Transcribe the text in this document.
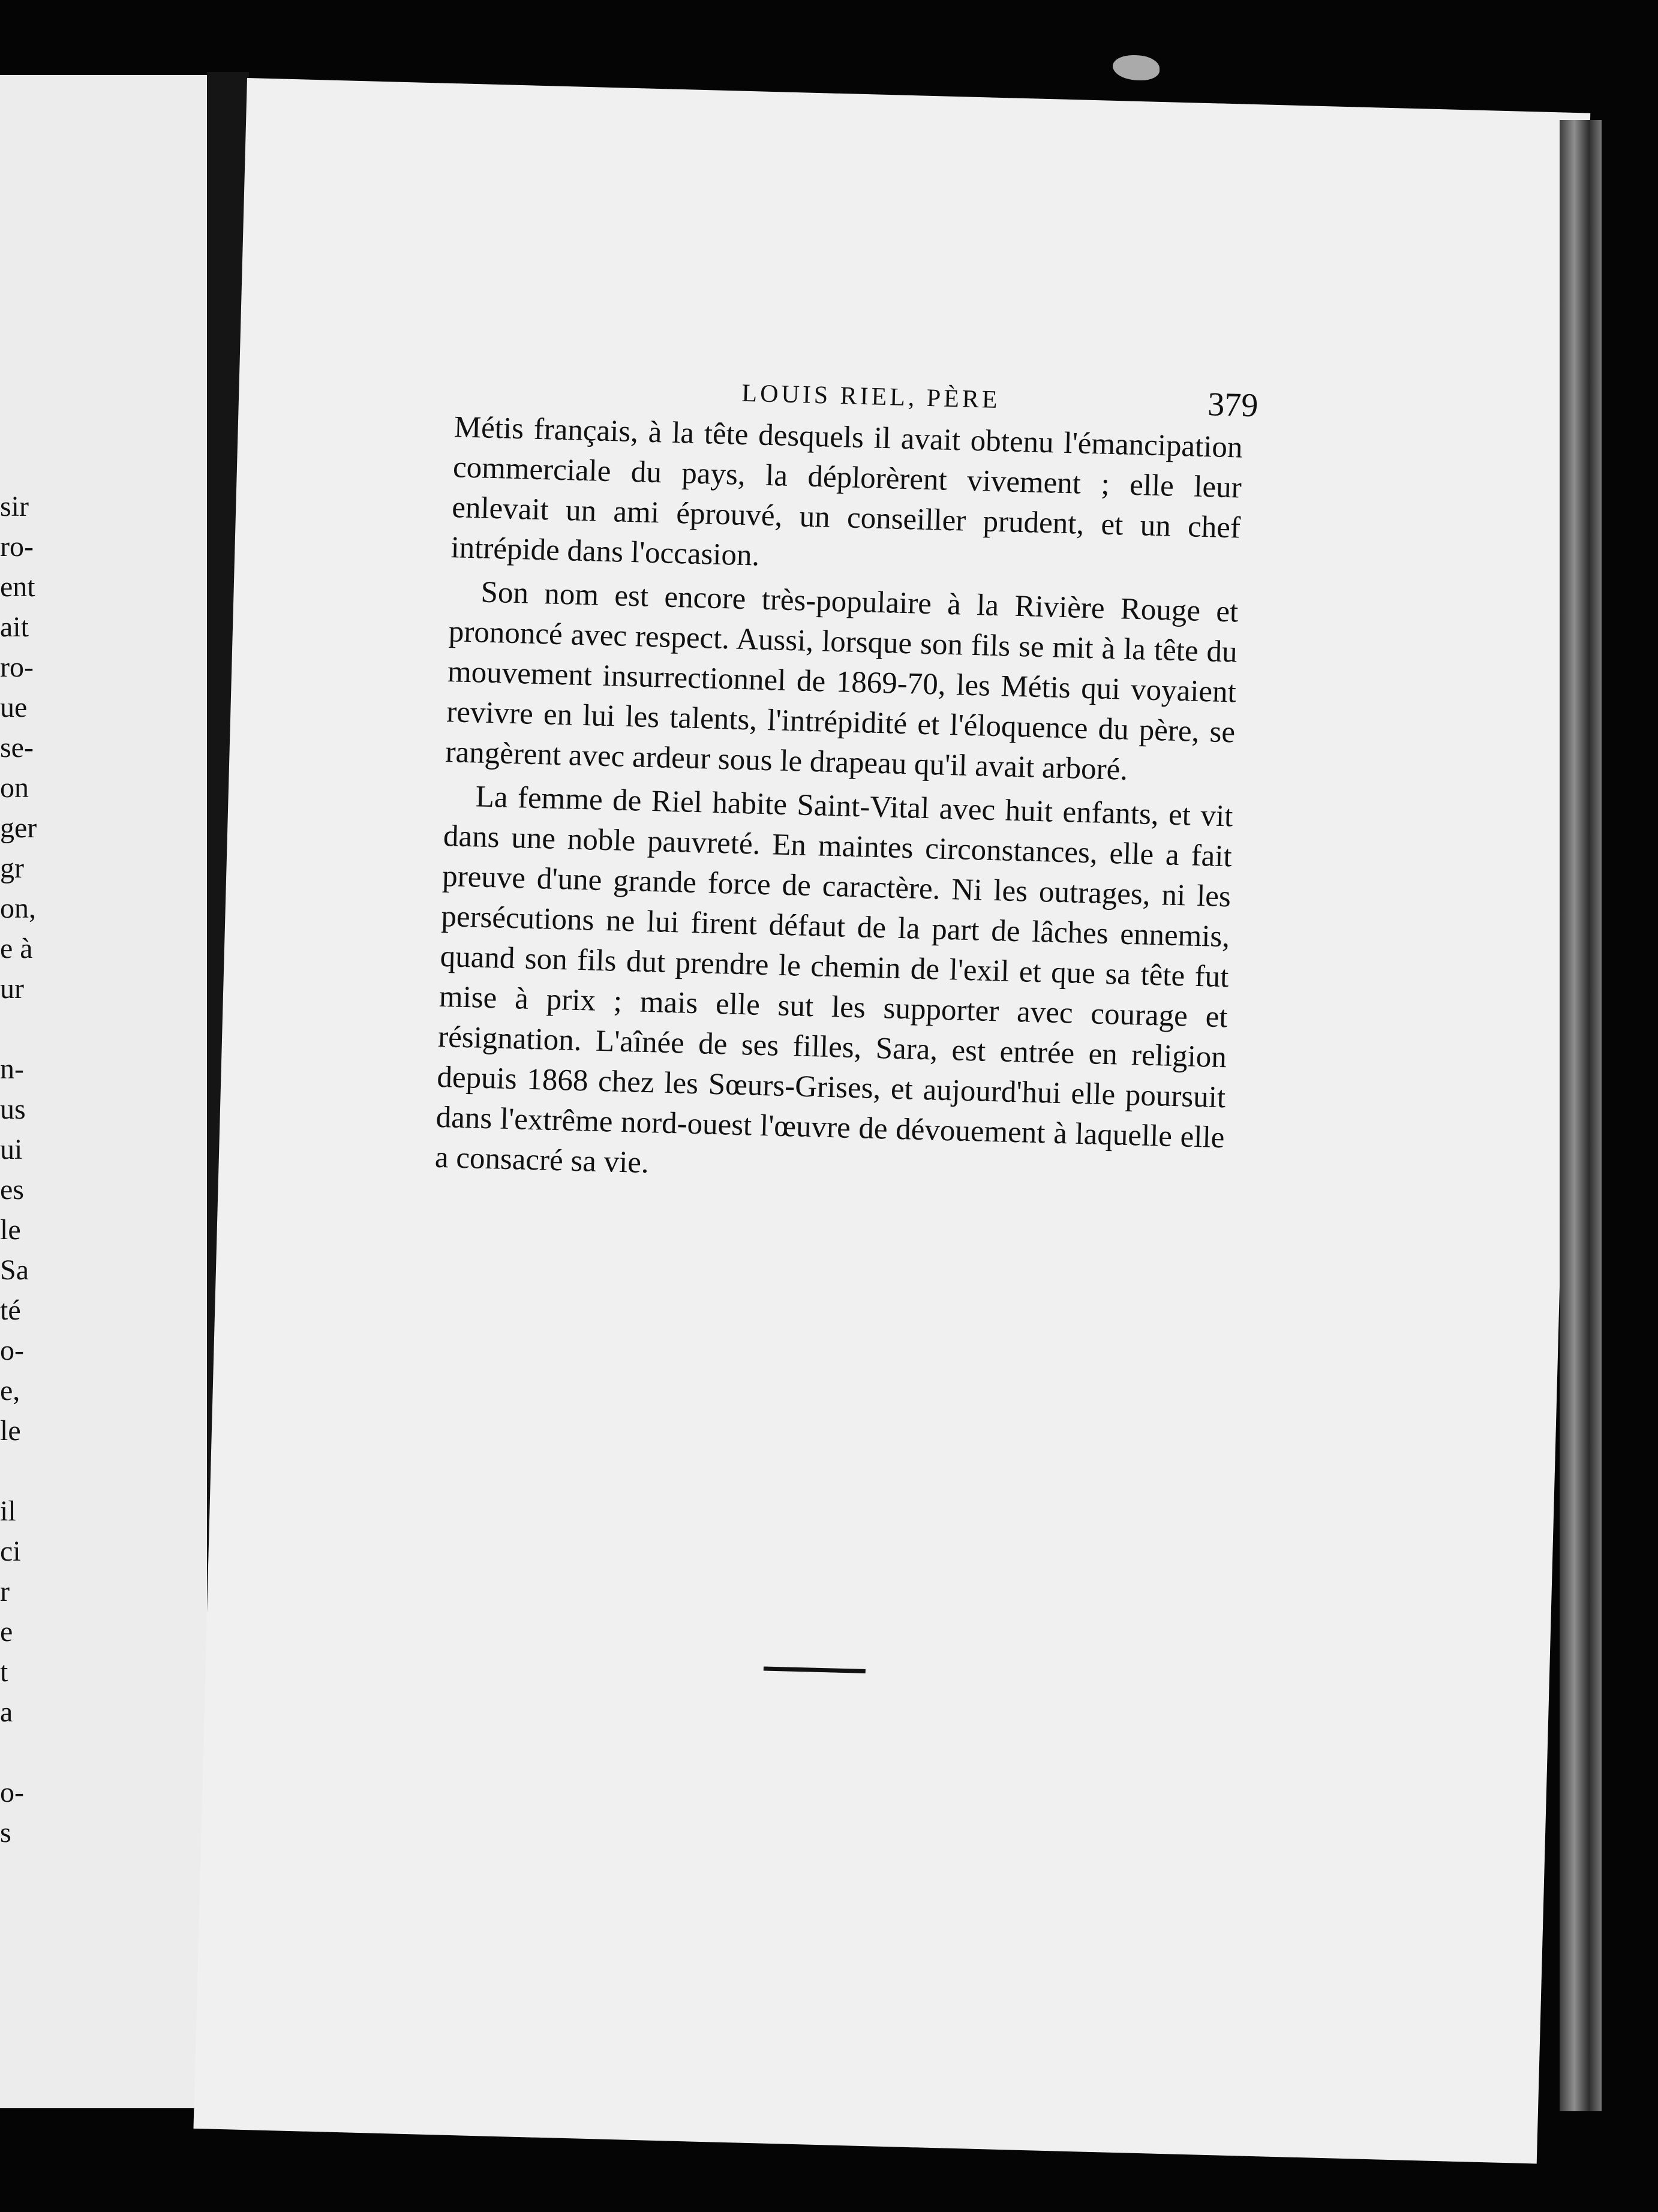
sir
ro-
ent
ait
ro-
ue
se-
on
ger
gr
on,
e à
ur

n-
us
ui
es
le
Sa
té
o-
e,
le

il
ci
r
e
t
a

o-
s
LOUIS RIEL, PÈRE	379

Métis français, à la tête desquels il avait obtenu l'émancipation commerciale du pays, la déplorèrent vivement ; elle leur enlevait un ami éprouvé, un conseiller prudent, et un chef intrépide dans l'occasion.

Son nom est encore très-populaire à la Rivière Rouge et prononcé avec respect. Aussi, lorsque son fils se mit à la tête du mouvement insurrectionnel de 1869-70, les Métis qui voyaient revivre en lui les talents, l'intrépidité et l'éloquence du père, se rangèrent avec ardeur sous le drapeau qu'il avait arboré.

La femme de Riel habite Saint-Vital avec huit enfants, et vit dans une noble pauvreté. En maintes circonstances, elle a fait preuve d'une grande force de caractère. Ni les outrages, ni les persécutions ne lui firent défaut de la part de lâches ennemis, quand son fils dut prendre le chemin de l'exil et que sa tête fut mise à prix ; mais elle sut les supporter avec courage et résignation. L'aînée de ses filles, Sara, est entrée en religion depuis 1868 chez les Sœurs-Grises, et aujourd'hui elle poursuit dans l'extrême nord-ouest l'œuvre de dévouement à laquelle elle a consacré sa vie.
